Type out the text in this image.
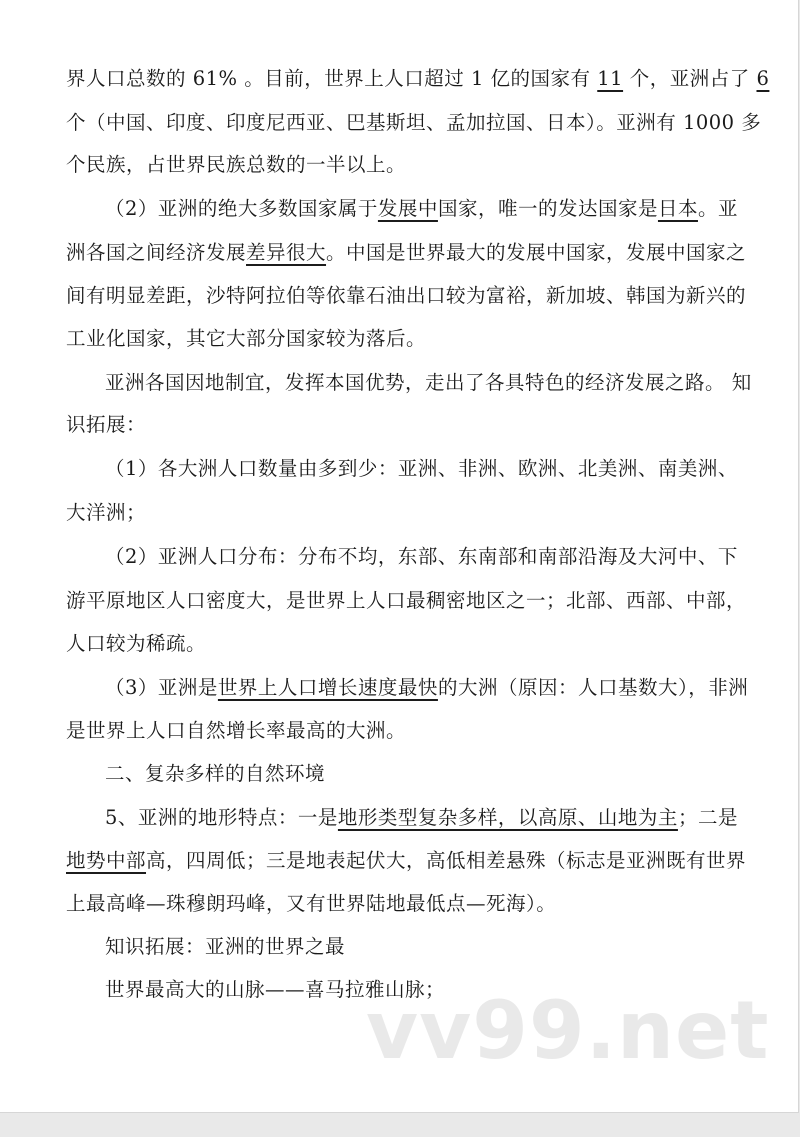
界人口总数的 61% 。目前，世界上人口超过 1 亿的国家有 11 个，亚洲占了 6
个（中国、印度、印度尼西亚、巴基斯坦、孟加拉国、日本）。亚洲有 1000 多
个民族，占世界民族总数的一半以上。
（2）亚洲的绝大多数国家属于发展中国家，唯一的发达国家是日本。亚
洲各国之间经济发展差异很大。中国是世界最大的发展中国家，发展中国家之
间有明显差距，沙特阿拉伯等依靠石油出口较为富裕，新加坡、韩国为新兴的
工业化国家，其它大部分国家较为落后。
亚洲各国因地制宜，发挥本国优势，走出了各具特色的经济发展之路。 知
识拓展：
（1）各大洲人口数量由多到少：亚洲、非洲、欧洲、北美洲、南美洲、
大洋洲；
（2）亚洲人口分布：分布不均，东部、东南部和南部沿海及大河中、下
游平原地区人口密度大，是世界上人口最稠密地区之一；北部、西部、中部，
人口较为稀疏。
（3）亚洲是世界上人口增长速度最快的大洲（原因：人口基数大），非洲
是世界上人口自然增长率最高的大洲。
二、复杂多样的自然环境
5、亚洲的地形特点：一是地形类型复杂多样，以高原、山地为主；二是
地势中部高，四周低；三是地表起伏大，高低相差悬殊（标志是亚洲既有世界
上最高峰—珠穆朗玛峰，又有世界陆地最低点—死海）。
知识拓展：亚洲的世界之最
世界最高大的山脉——喜马拉雅山脉；
vv99.net
